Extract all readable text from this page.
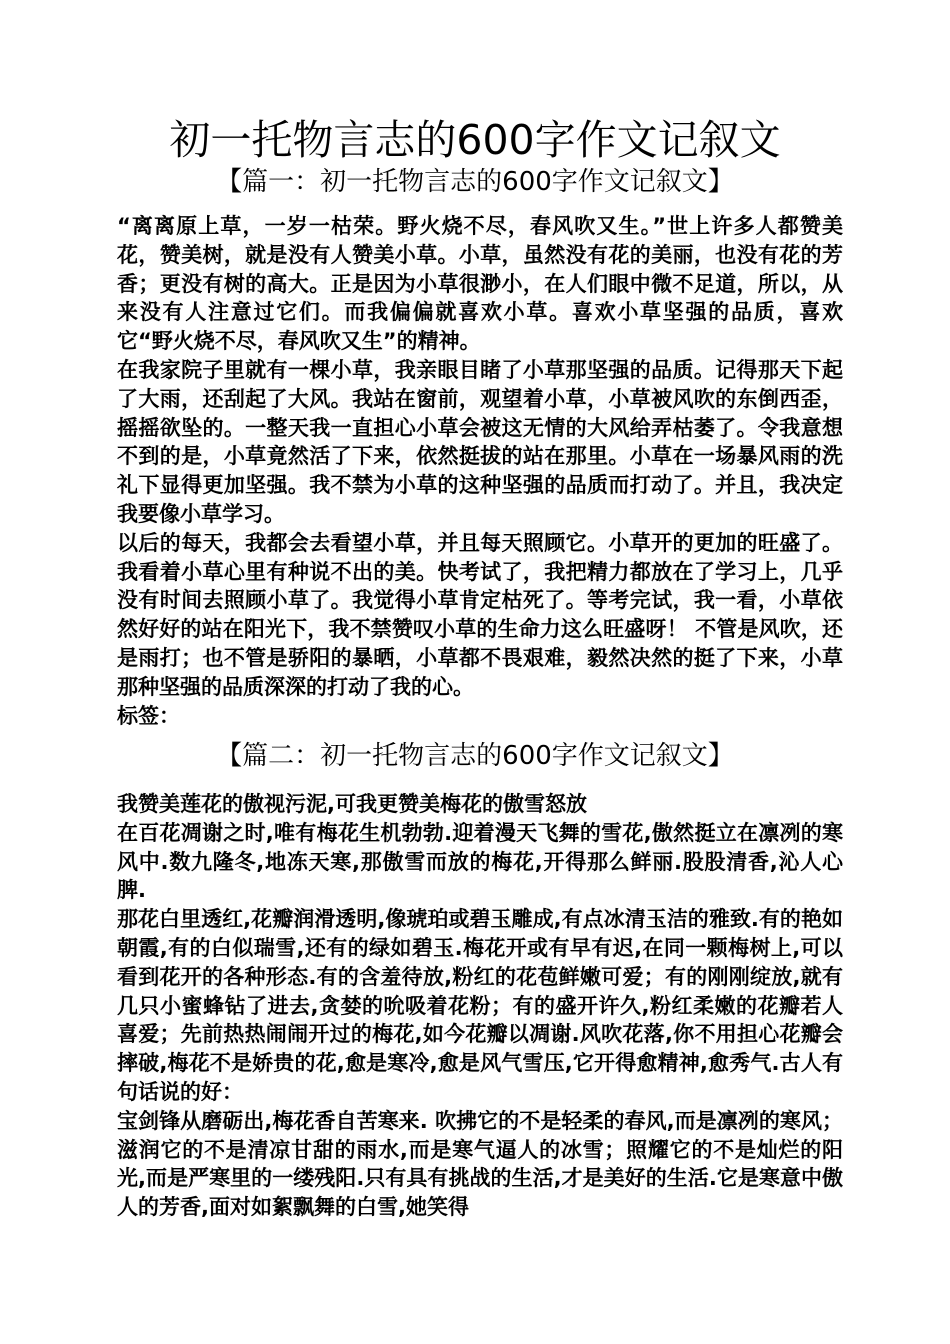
初一托物言志的600字作文记叙文
【篇一：初一托物言志的600字作文记叙文】

“离离原上草，一岁一枯荣。野火烧不尽，春风吹又生。”世上许多人都赞美花，赞美树，就是没有人赞美小草。小草，虽然没有花的美丽，也没有花的芳香；更没有树的高大。正是因为小草很渺小，在人们眼中微不足道，所以，从来没有人注意过它们。而我偏偏就喜欢小草。喜欢小草坚强的品质，喜欢它“野火烧不尽，春风吹又生”的精神。

在我家院子里就有一棵小草，我亲眼目睹了小草那坚强的品质。记得那天下起了大雨，还刮起了大风。我站在窗前，观望着小草，小草被风吹的东倒西歪，摇摇欲坠的。一整天我一直担心小草会被这无情的大风给弄枯萎了。令我意想不到的是，小草竟然活了下来，依然挺拔的站在那里。小草在一场暴风雨的洗礼下显得更加坚强。我不禁为小草的这种坚强的品质而打动了。并且，我决定我要像小草学习。

以后的每天，我都会去看望小草，并且每天照顾它。小草开的更加的旺盛了。我看着小草心里有种说不出的美。快考试了，我把精力都放在了学习上，几乎没有时间去照顾小草了。我觉得小草肯定枯死了。等考完试，我一看，小草依然好好的站在阳光下，我不禁赞叹小草的生命力这么旺盛呀！ 不管是风吹，还是雨打；也不管是骄阳的暴晒，小草都不畏艰难，毅然决然的挺了下来，小草那种坚强的品质深深的打动了我的心。

标签：

【篇二：初一托物言志的600字作文记叙文】

我赞美莲花的傲视污泥,可我更赞美梅花的傲雪怒放

在百花凋谢之时,唯有梅花生机勃勃.迎着漫天飞舞的雪花,傲然挺立在凛冽的寒风中.数九隆冬,地冻天寒,那傲雪而放的梅花,开得那么鲜丽.股股清香,沁人心脾.

那花白里透红,花瓣润滑透明,像琥珀或碧玉雕成,有点冰清玉洁的雅致.有的艳如朝霞,有的白似瑞雪,还有的绿如碧玉.梅花开或有早有迟,在同一颗梅树上,可以看到花开的各种形态.有的含羞待放,粉红的花苞鲜嫩可爱；有的刚刚绽放,就有几只小蜜蜂钻了进去,贪婪的吮吸着花粉；有的盛开许久,粉红柔嫩的花瓣若人喜爱；先前热热闹闹开过的梅花,如今花瓣以凋谢.风吹花落,你不用担心花瓣会摔破,梅花不是娇贵的花,愈是寒冷,愈是风气雪压,它开得愈精神,愈秀气.古人有句话说的好：

宝剑锋从磨砺出,梅花香自苦寒来. 吹拂它的不是轻柔的春风,而是凛冽的寒风；滋润它的不是清凉甘甜的雨水,而是寒气逼人的冰雪；照耀它的不是灿烂的阳光,而是严寒里的一缕残阳.只有具有挑战的生活,才是美好的生活.它是寒意中傲人的芳香,面对如絮飘舞的白雪,她笑得
